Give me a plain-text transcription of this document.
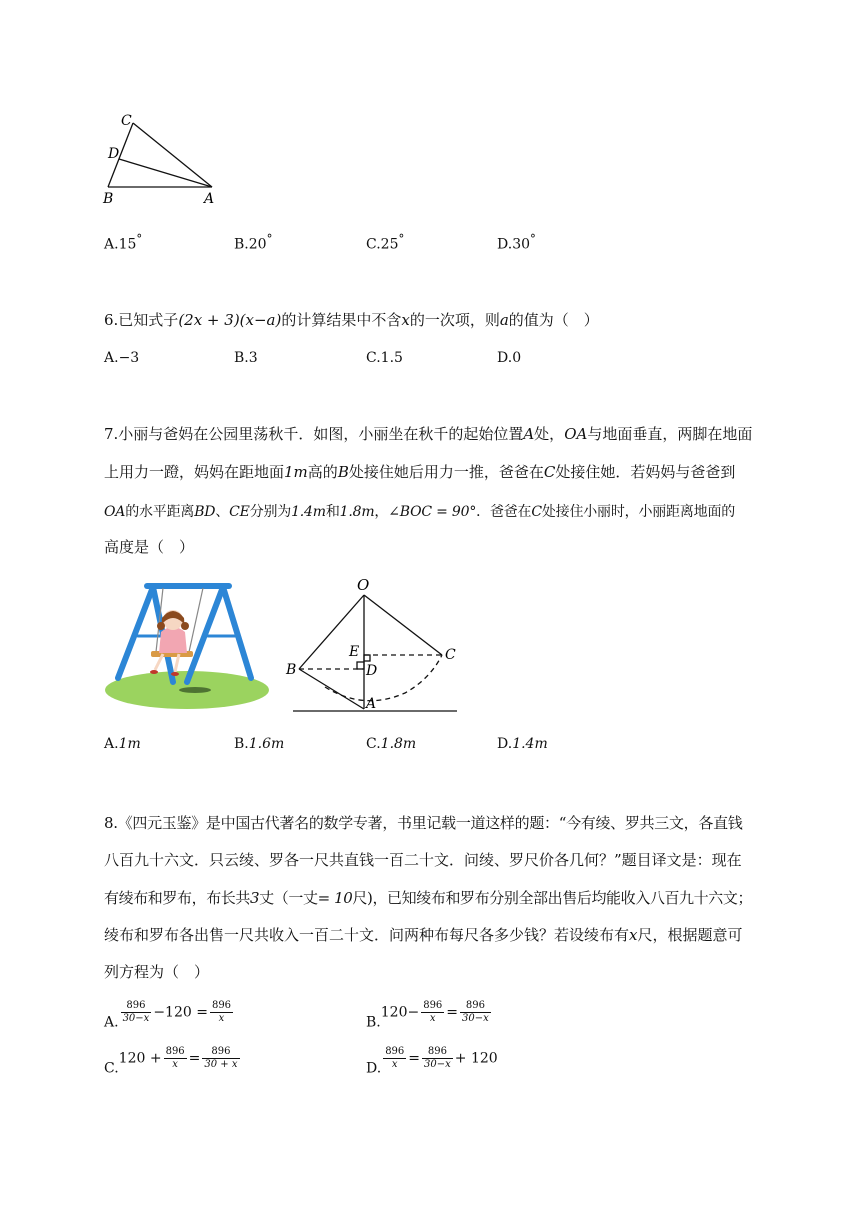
C
D
B	A
A.15°	B.20°	C.25°	D.30°
6.已知式子(2x + 3)(x−a)的计算结果中不含x的一次项，则a的值为（　）
A.−3	B.3	C.1.5	D.0
7.小丽与爸妈在公园里荡秋千．如图，小丽坐在秋千的起始位置A处，OA与地面垂直，两脚在地面
上用力一蹬，妈妈在距地面1m高的B处接住她后用力一推，爸爸在C处接住她．若妈妈与爸爸到
OA的水平距离BD、CE分别为1.4m和1.8m，∠BOC = 90°．爸爸在C处接住小丽时，小丽距离地面的
高度是（　）
O
E	C
B	D
A
A.1m	B.1.6m	C.1.8m	D.1.4m
8.《四元玉鉴》是中国古代著名的数学专著，书里记载一道这样的题：“今有绫、罗共三文，各直钱
八百九十六文．只云绫、罗各一尺共直钱一百二十文．问绫、罗尺价各几何？”题目译文是：现在
有绫布和罗布，布长共3丈（一丈= 10尺)，已知绫布和罗布分别全部出售后均能收入八百九十六文；
绫布和罗布各出售一尺共收入一百二十文．问两种布每尺各多少钱？若设绫布有x尺，根据题意可
列方程为（　）
A. $\frac{896}{30-x} -120 = \frac{896}{x}$	$B.120- \frac{896}{x} = \frac{896}{30-x}$
$C.120 + \frac{896}{x} = \frac{896}{30 + x}$	D. $\frac{896}{x} = \frac{896}{30-x} + 120$
